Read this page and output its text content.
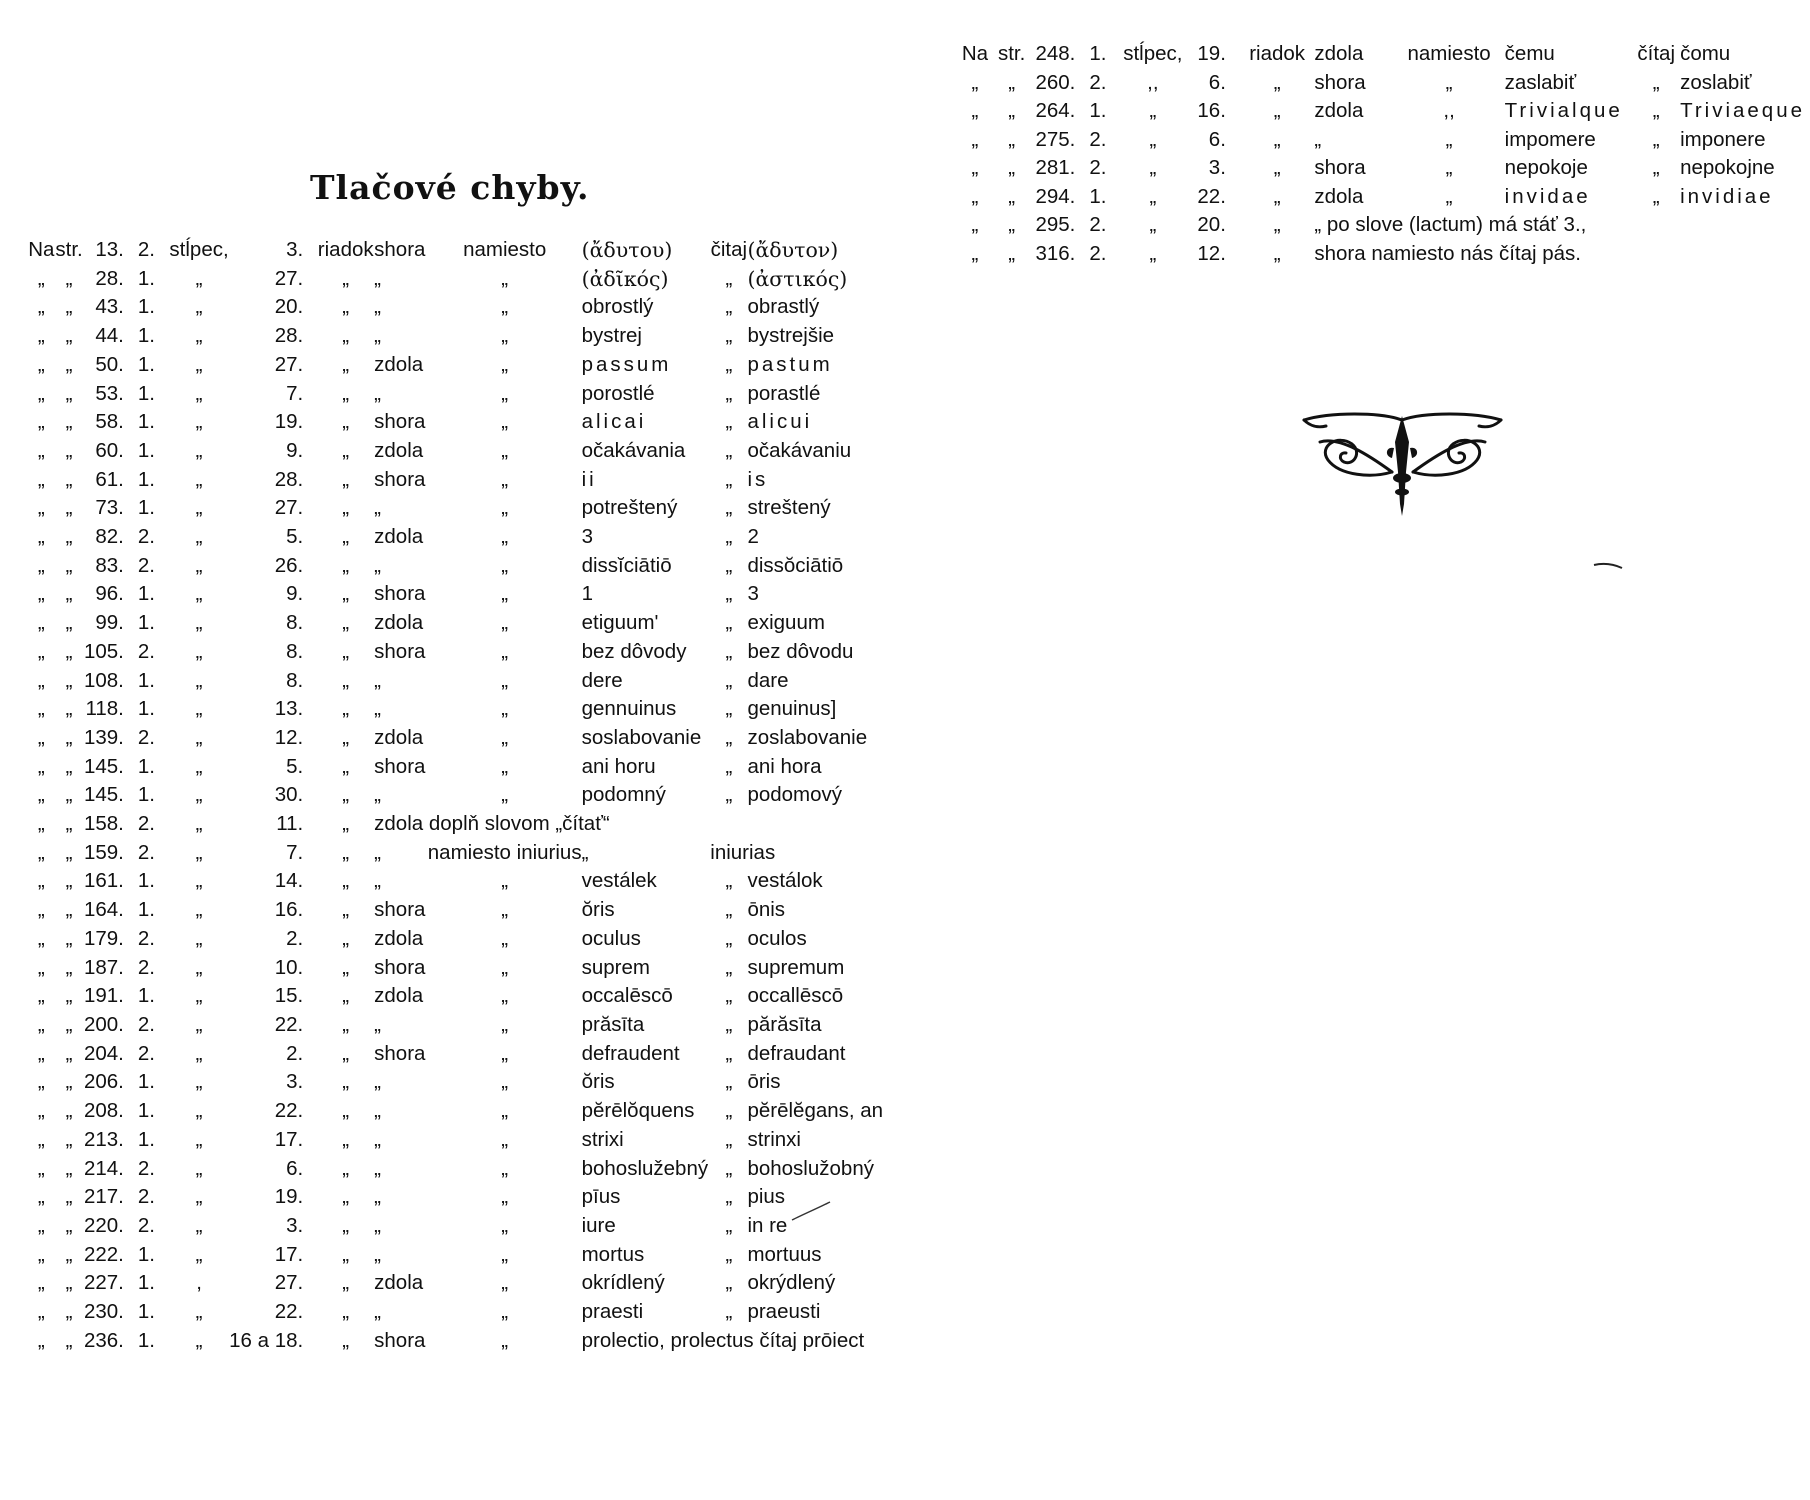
Tlačové chyby.
Na	str.	13.	2.	stĺpec,	3.	riadok	shora	namiesto	(ἄδυτου)	čitaj	(ἄδυτον)
„	„	28.	1.	„	27.	„	„	„	(ἀδῖκός)	„	(ἀστικός)
„	„	43.	1.	„	20.	„	„	„	obrostlý	„	obrastlý
„	„	44.	1.	„	28.	„	„	„	bystrej	„	bystrejšie
„	„	50.	1.	„	27.	„	zdola	„	passum	„	pastum
„	„	53.	1.	„	7.	„	„	„	porostlé	„	porastlé
„	„	58.	1.	„	19.	„	shora	„	alicai	„	alicui
„	„	60.	1.	„	9.	„	zdola	„	očakávania	„	očakávaniu
„	„	61.	1.	„	28.	„	shora	„	ii	„	is
„	„	73.	1.	„	27.	„	„	„	potreštený	„	streštený
„	„	82.	2.	„	5.	„	zdola	„	3	„	2
„	„	83.	2.	„	26.	„	„	„	dissĭciātiō	„	dissŏciātiō
„	„	96.	1.	„	9.	„	shora	„	1	„	3
„	„	99.	1.	„	8.	„	zdola	„	etiguum'	„	exiguum
„	„	105.	2.	„	8.	„	shora	„	bez dôvody	„	bez dôvodu
„	„	108.	1.	„	8.	„	„	„	dere	„	dare
„	„	118.	1.	„	13.	„	„	„	gennuinus	„	genuinus]
„	„	139.	2.	„	12.	„	zdola	„	soslabovanie	„	zoslabovanie
„	„	145.	1.	„	5.	„	shora	„	ani horu	„	ani hora
„	„	145.	1.	„	30.	„	„	„	podomný	„	podomový
„	„	158.	2.	„	11.	„	zdola doplň slovom „čítať“				
„	„	159.	2.	„	7.	„	„	namiesto iniurius	„	iniurias	
„	„	161.	1.	„	14.	„	„	„	vestálek	„	vestálok
„	„	164.	1.	„	16.	„	shora	„	ŏris	„	ōnis
„	„	179.	2.	„	2.	„	zdola	„	oculus	„	oculos
„	„	187.	2.	„	10.	„	shora	„	suprem	„	supremum
„	„	191.	1.	„	15.	„	zdola	„	occalēscō	„	occallēscō
„	„	200.	2.	„	22.	„	„	„	prăsīta	„	părăsīta
„	„	204.	2.	„	2.	„	shora	„	defraudent	„	defraudant
„	„	206.	1.	„	3.	„	„	„	ŏris	„	ōris
„	„	208.	1.	„	22.	„	„	„	pĕrēlŏquens	„	pĕrēlĕgans, an
„	„	213.	1.	„	17.	„	„	„	strixi	„	strinxi
„	„	214.	2.	„	6.	„	„	„	bohoslužebný	„	bohoslužobný
„	„	217.	2.	„	19.	„	„	„	pīus	„	pius
„	„	220.	2.	„	3.	„	„	„	iure	„	in re
„	„	222.	1.	„	17.	„	„	„	mortus	„	mortuus
„	„	227.	1.	,	27.	„	zdola	„	okrídlený	„	okrýdlený
„	„	230.	1.	„	22.	„	„	„	praesti	„	praeusti
„	„	236.	1.	„	16 a 18.	„	shora	„	prolectio, prolectus čítaj prōiect		
Na	str.	248.	1.	stĺpec,	19.	riadok	zdola	namiesto	čemu	čítaj	čomu
„	„	260.	2.	,,	6.	„	shora	„	zaslabiť	„	zoslabiť
„	„	264.	1.	„	16.	„	zdola	,,	Trivialque	„	Triviaeque
„	„	275.	2.	„	6.	„	„	„	impomere	„	imponere
„	„	281.	2.	„	3.	„	shora	„	nepokoje	„	nepokojne
„	„	294.	1.	„	22.	„	zdola	„	invidae	„	invidiae
„	„	295.	2.	„	20.	„	„ po slove (lactum) má stáť 3.,				
„	„	316.	2.	„	12.	„	shora namiesto nás čítaj pás.				
